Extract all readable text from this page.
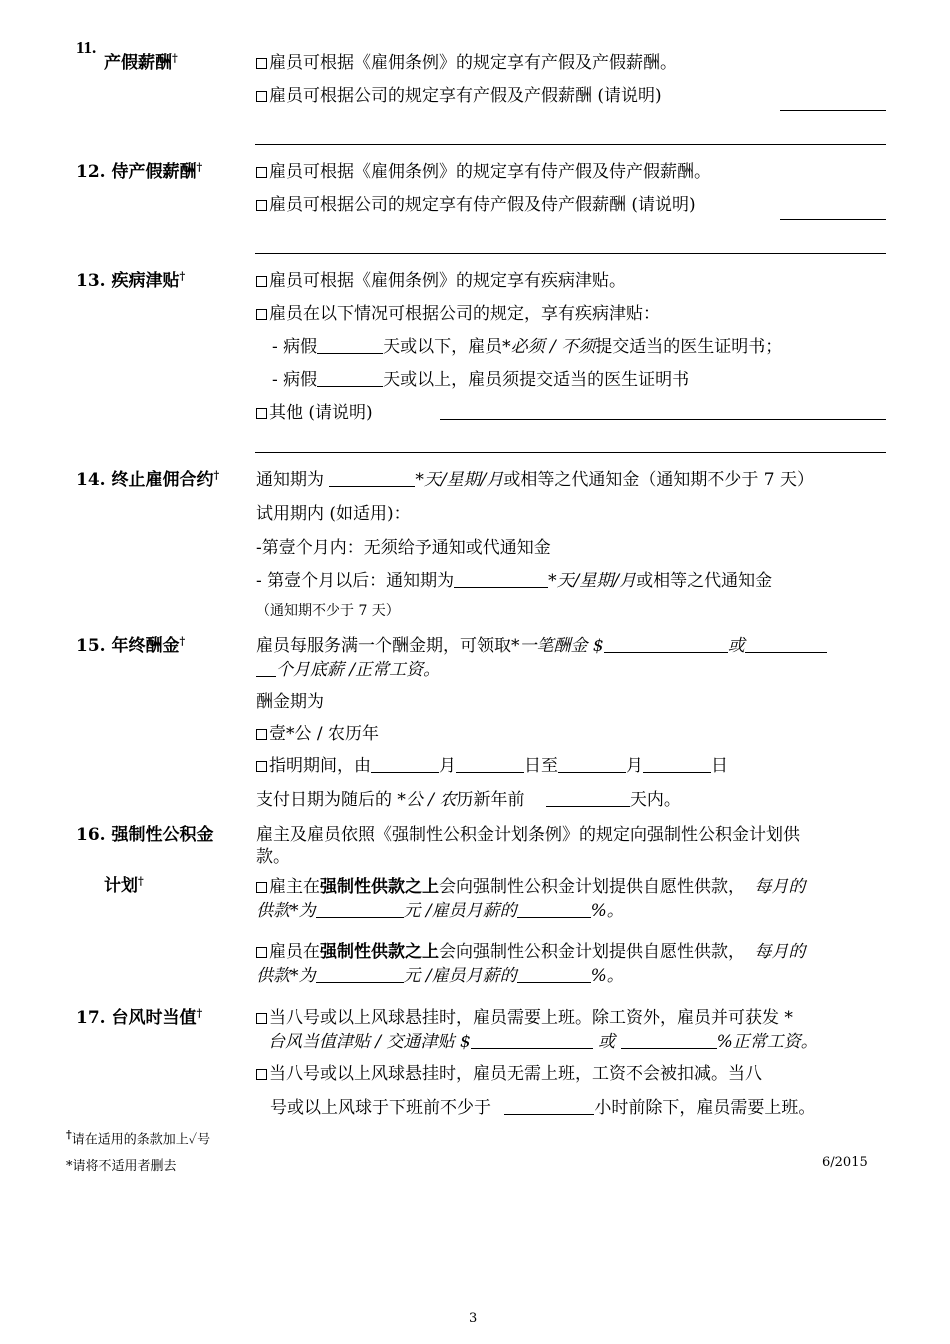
11.
产假薪酬†	雇员可根据《雇佣条例》的规定享有产假及产假薪酬。
雇员可根据公司的规定享有产假及产假薪酬 (请说明)
12. 侍产假薪酬†	雇员可根据《雇佣条例》的规定享有侍产假及侍产假薪酬。
雇员可根据公司的规定享有侍产假及侍产假薪酬 (请说明)
13. 疾病津贴†	雇员可根据《雇佣条例》的规定享有疾病津贴。
雇员在以下情况可根据公司的规定，享有疾病津贴：
- 病假	天或以下，雇员*必须 / 不须提交适当的医生证明书；
- 病假	天或以上，雇员须提交适当的医生证明书
其他 (请说明)
14. 终止雇佣合约† 通知期为	*天/星期/月或相等之代通知金（通知期不少于 7 天）
试用期内 (如适用)：
-第壹个月内：无须给予通知或代通知金
- 第壹个月以后：通知期为	*天/星期/月或相等之代通知金
（通知期不少于 7 天）
15. 年终酬金†	雇员每服务满一个酬金期，可领取*一笔酬金 $	或
个月底薪 /正常工资。
酬金期为
壹*公 / 农历年
指明期间，由	月	日至	月	日
支付日期为随后的 *公 / 农历新年前	天内。
16. 强制性公积金
计划†
雇主及雇员依照《强制性公积金计划条例》的规定向强制性公积金计划供
款。
雇主在强制性供款之上会向强制性公积金计划提供自愿性供款， 每月的
供款*为	元 /雇员月薪的	%。
雇员在强制性供款之上会向强制性公积金计划提供自愿性供款， 每月的
供款*为	元 /雇员月薪的	%。
17. 台风时当值†	当八号或以上风球悬挂时，雇员需要上班。除工资外，雇员并可获发 *
台风当值津贴 / 交通津贴 $	或	%正常工资。
当八号或以上风球悬挂时，雇员无需上班，工资不会被扣减。当八
号或以上风球于下班前不少于	小时前除下，雇员需要上班。
†请在适用的条款加上✓号
*请将不适用者删去	6/2015
3
